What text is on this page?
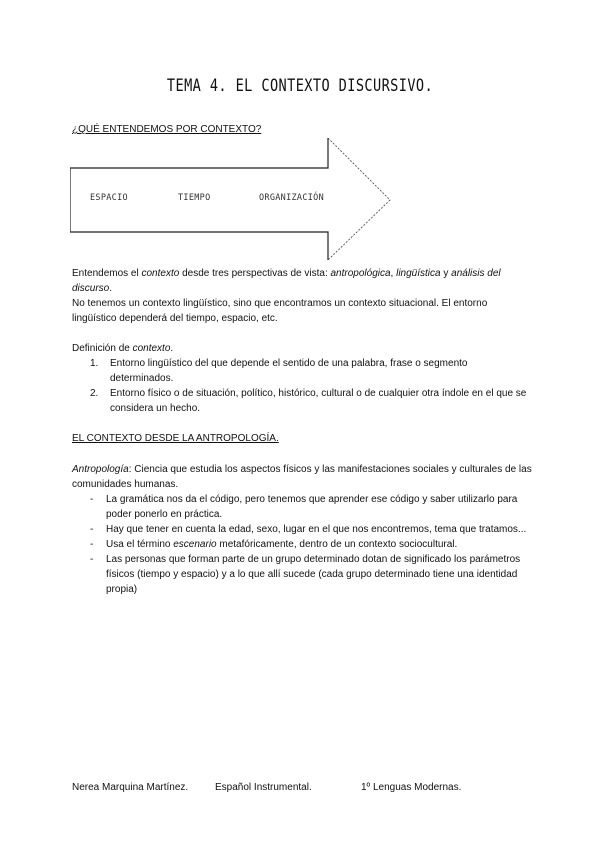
TEMA 4. EL CONTEXTO DISCURSIVO.
¿QUÉ ENTENDEMOS POR CONTEXTO?
ESPACIO	TIEMPO	ORGANIZACIÓN

Entendemos el contexto desde tres perspectivas de vista: antropológica, lingüística y análisis del discurso.

No tenemos un contexto lingüístico, sino que encontramos un contexto situacional. El entorno lingüístico dependerá del tiempo, espacio, etc.

Definición de contexto.

1. Entorno lingüístico del que depende el sentido de una palabra, frase o segmento determinados.
2. Entorno físico o de situación, político, histórico, cultural o de cualquier otra índole en el que se considera un hecho.
EL CONTEXTO DESDE LA ANTROPOLOGÍA.

Antropología: Ciencia que estudia los aspectos físicos y las manifestaciones sociales y culturales de las comunidades humanas.

- La gramática nos da el código, pero tenemos que aprender ese código y saber utilizarlo para poder ponerlo en práctica.
- Hay que tener en cuenta la edad, sexo, lugar en el que nos encontremos, tema que tratamos...
- Usa el término escenario metafóricamente, dentro de un contexto sociocultural.
- Las personas que forman parte de un grupo determinado dotan de significado los parámetros físicos (tiempo y espacio) y a lo que allí sucede (cada grupo determinado tiene una identidad propia)
Nerea Marquina Martínez.	Español Instrumental.	1º Lenguas Modernas.
